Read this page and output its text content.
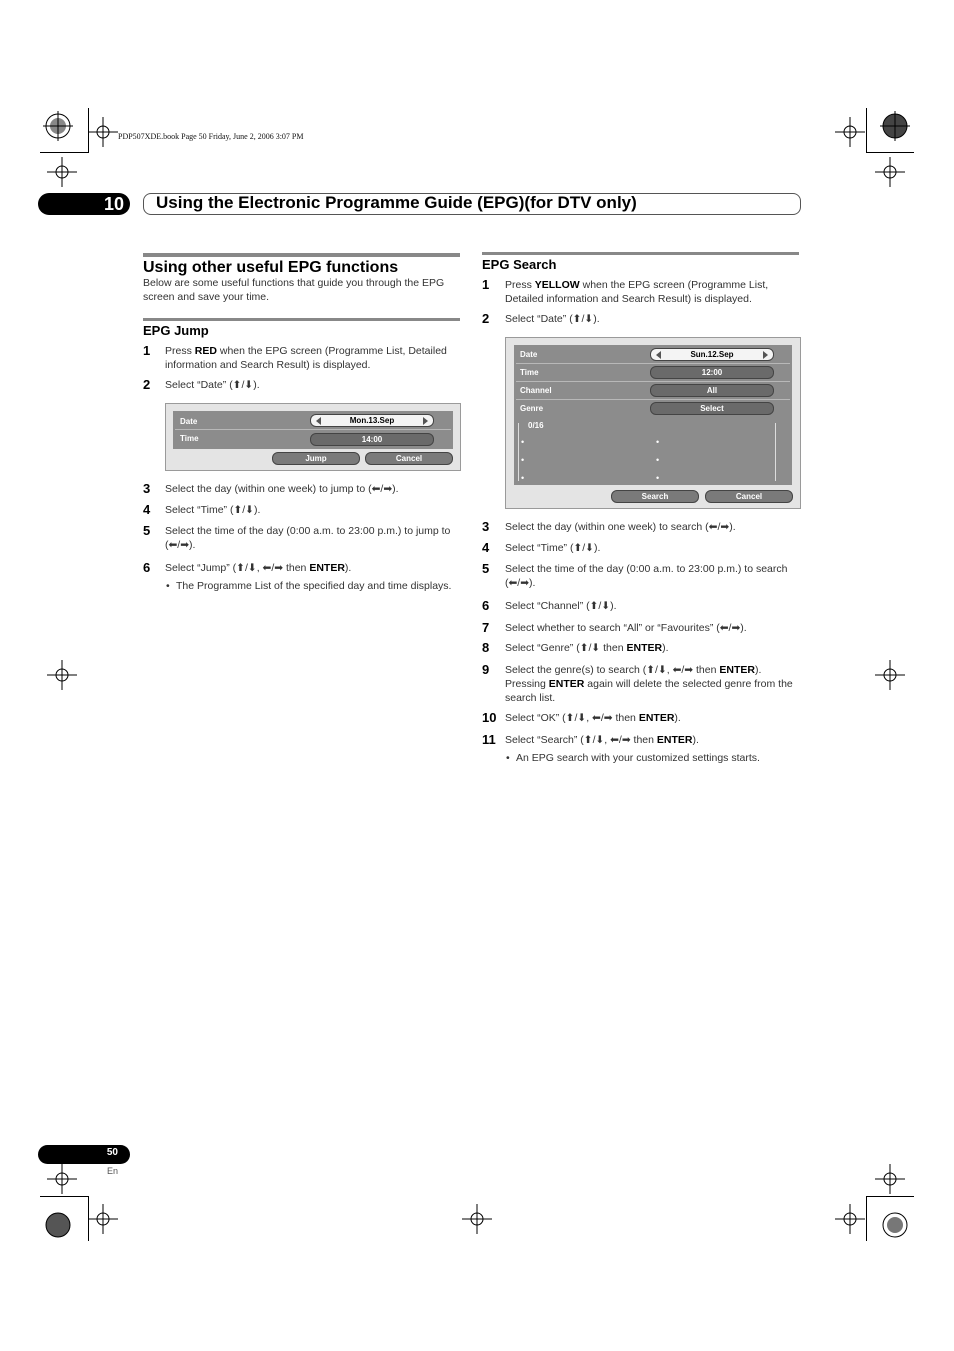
PDP507XDE.book Page 50 Friday, June 2, 2006 3:07 PM
10 Using the Electronic Programme Guide (EPG)(for DTV only)
Using other useful EPG functions
Below are some useful functions that guide you through the EPG screen and save your time.
EPG Jump
1 Press RED when the EPG screen (Programme List, Detailed information and Search Result) is displayed.
2 Select “Date” (⬆/⬇).
Date	Mon.13.Sep
Time	14:00
Jump	Cancel
3 Select the day (within one week) to jump to (⬅/➡).
4 Select “Time” (⬆/⬇).
5 Select the time of the day (0:00 a.m. to 23:00 p.m.) to jump to (⬅/➡).
6 Select “Jump” (⬆/⬇, ⬅/➡ then ENTER).
• The Programme List of the specified day and time displays.
EPG Search
1 Press YELLOW when the EPG screen (Programme List, Detailed information and Search Result) is displayed.
2 Select “Date” (⬆/⬇).
Date	Sun.12.Sep
Time	12:00
Channel	All
Genre	Select
0/16
•
•
•
•
•
•
Search	Cancel
3 Select the day (within one week) to search (⬅/➡).
4 Select “Time” (⬆/⬇).
5 Select the time of the day (0:00 a.m. to 23:00 p.m.) to search (⬅/➡).
6 Select “Channel” (⬆/⬇).
7 Select whether to search “All” or “Favourites” (⬅/➡).
8 Select “Genre” (⬆/⬇ then ENTER).
9 Select the genre(s) to search (⬆/⬇, ⬅/➡ then ENTER).
Pressing ENTER again will delete the selected genre from the search list.
10 Select “OK” (⬆/⬇, ⬅/➡ then ENTER).
11 Select “Search” (⬆/⬇, ⬅/➡ then ENTER).
• An EPG search with your customized settings starts.
50
En
